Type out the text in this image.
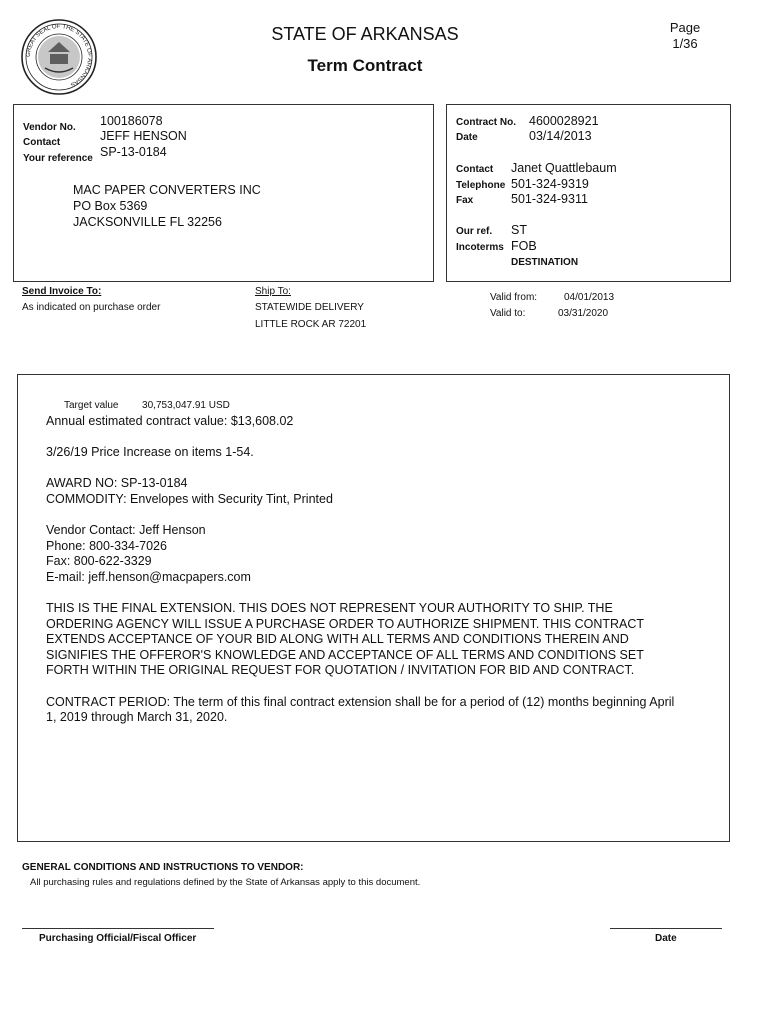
GREAT SEAL OF THE STATE OF ARKANSAS
STATE OF ARKANSAS
Term Contract
Page
1/36
Vendor No. 100186078
Contact	JEFF HENSON
Your reference SP-13-0184
MAC PAPER CONVERTERS INC
PO Box 5369
JACKSONVILLE FL 32256
Contract No. 4600028921
Date	03/14/2013
Contact Janet Quattlebaum
Telephone 501-324-9319
Fax	501-324-9311
Our ref. ST
Incoterms FOB
DESTINATION
Send Invoice To:
As indicated on purchase order
Ship To:
STATEWIDE DELIVERY
LITTLE ROCK AR 72201
Valid from:	04/01/2013
Valid to:	03/31/2020
Target value 30,753,047.91 USD
Annual estimated contract value: $13,608.02
3/26/19 Price Increase on items 1-54.
AWARD NO: SP-13-0184
COMMODITY: Envelopes with Security Tint, Printed
Vendor Contact: Jeff Henson
Phone: 800-334-7026
Fax: 800-622-3329
E-mail: jeff.henson@macpapers.com
THIS IS THE FINAL EXTENSION. THIS DOES NOT REPRESENT YOUR AUTHORITY TO SHIP. THE
ORDERING AGENCY WILL ISSUE A PURCHASE ORDER TO AUTHORIZE SHIPMENT. THIS CONTRACT
EXTENDS ACCEPTANCE OF YOUR BID ALONG WITH ALL TERMS AND CONDITIONS THEREIN AND
SIGNIFIES THE OFFEROR'S KNOWLEDGE AND ACCEPTANCE OF ALL TERMS AND CONDITIONS SET
FORTH WITHIN THE ORIGINAL REQUEST FOR QUOTATION / INVITATION FOR BID AND CONTRACT.
CONTRACT PERIOD: The term of this final contract extension shall be for a period of (12) months beginning April
1, 2019 through March 31, 2020.
GENERAL CONDITIONS AND INSTRUCTIONS TO VENDOR:
All purchasing rules and regulations defined by the State of Arkansas apply to this document.
Purchasing Official/Fiscal Officer	Date
